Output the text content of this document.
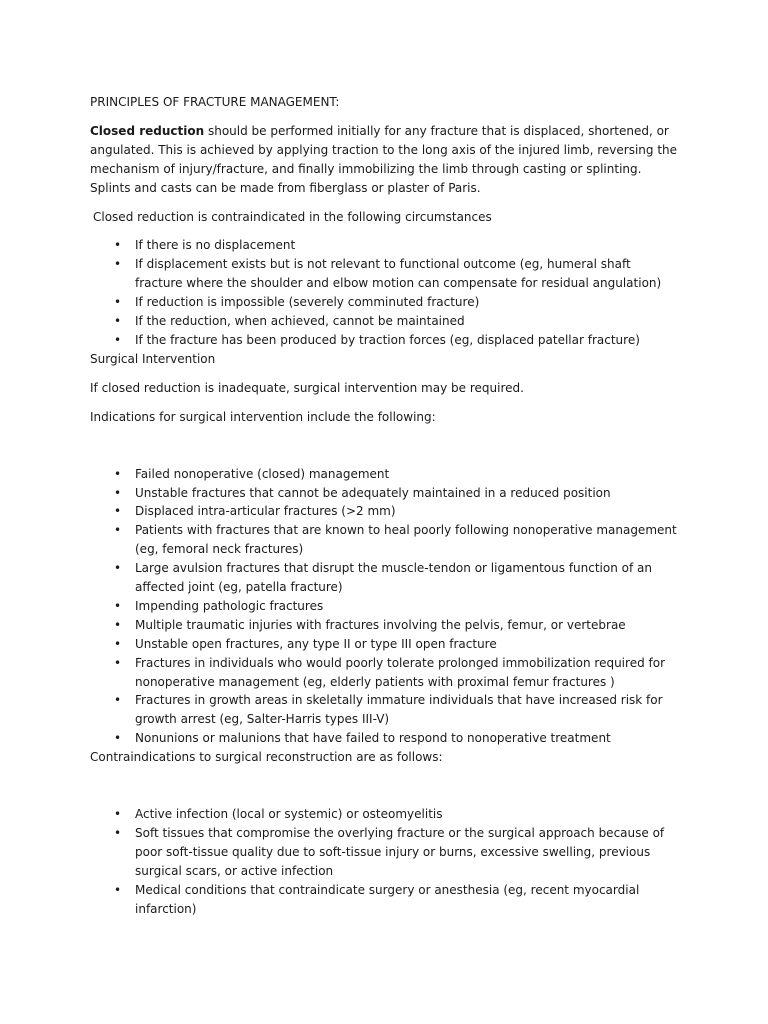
PRINCIPLES OF FRACTURE MANAGEMENT:

Closed reduction should be performed initially for any fracture that is displaced, shortened, or angulated. This is achieved by applying traction to the long axis of the injured limb, reversing the mechanism of injury/fracture, and finally immobilizing the limb through casting or splinting. Splints and casts can be made from fiberglass or plaster of Paris.

Closed reduction is contraindicated in the following circumstances

• If there is no displacement
• If displacement exists but is not relevant to functional outcome (eg, humeral shaft fracture where the shoulder and elbow motion can compensate for residual angulation)
• If reduction is impossible (severely comminuted fracture)
• If the reduction, when achieved, cannot be maintained
• If the fracture has been produced by traction forces (eg, displaced patellar fracture)

Surgical Intervention

If closed reduction is inadequate, surgical intervention may be required.

Indications for surgical intervention include the following:

• Failed nonoperative (closed) management
• Unstable fractures that cannot be adequately maintained in a reduced position
• Displaced intra-articular fractures (>2 mm)
• Patients with fractures that are known to heal poorly following nonoperative management (eg, femoral neck fractures)
• Large avulsion fractures that disrupt the muscle-tendon or ligamentous function of an affected joint (eg, patella fracture)
• Impending pathologic fractures
• Multiple traumatic injuries with fractures involving the pelvis, femur, or vertebrae
• Unstable open fractures, any type II or type III open fracture
• Fractures in individuals who would poorly tolerate prolonged immobilization required for nonoperative management (eg, elderly patients with proximal femur fractures )
• Fractures in growth areas in skeletally immature individuals that have increased risk for growth arrest (eg, Salter-Harris types III-V)
• Nonunions or malunions that have failed to respond to nonoperative treatment

Contraindications to surgical reconstruction are as follows:

• Active infection (local or systemic) or osteomyelitis
• Soft tissues that compromise the overlying fracture or the surgical approach because of poor soft-tissue quality due to soft-tissue injury or burns, excessive swelling, previous surgical scars, or active infection
• Medical conditions that contraindicate surgery or anesthesia (eg, recent myocardial infarction)
